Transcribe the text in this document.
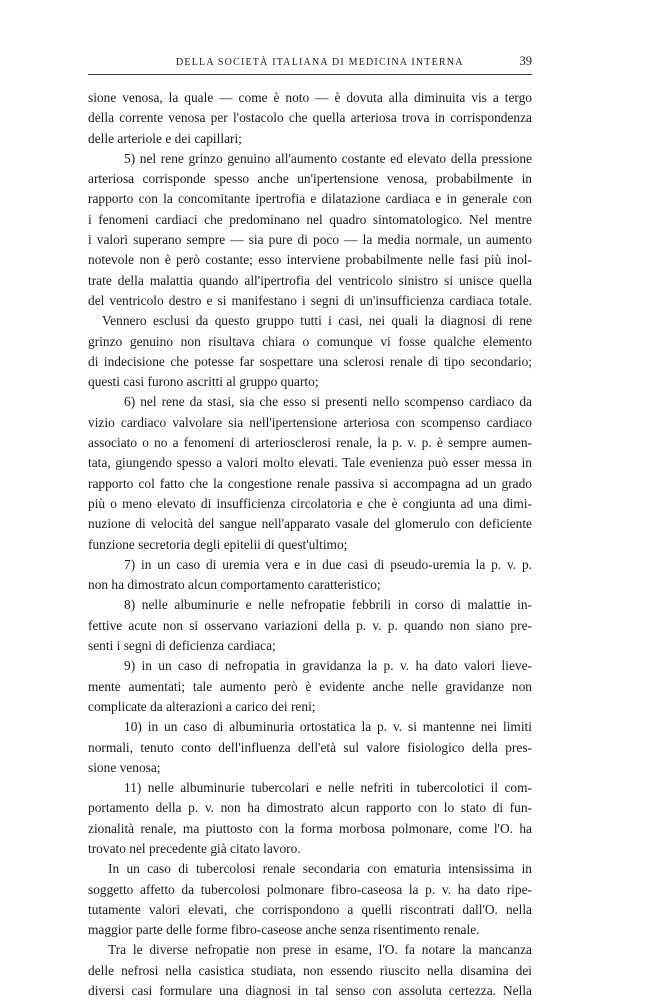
DELLA SOCIETÀ ITALIANA DI MEDICINA INTERNA	39
sione venosa, la quale — come è noto — è dovuta alla diminuita vis a tergo
della corrente venosa per l'ostacolo che quella arteriosa trova in corrispondenza
delle arteriole e dei capillari;
5) nel rene grinzo genuino all'aumento costante ed elevato della pressione
arteriosa corrisponde spesso anche un'ipertensione venosa, probabilmente in
rapporto con la concomitante ipertrofia e dilatazione cardiaca e in generale con
i fenomeni cardiaci che predominano nel quadro sintomatologico. Nel mentre
i valori superano sempre — sia pure di poco — la media normale, un aumento
notevole non è però costante; esso interviene probabilmente nelle fasi più inol-
trate della malattia quando all'ipertrofia del ventricolo sinistro si unisce quella
del ventricolo destro e si manifestano i segni di un'insufficienza cardiaca totale.
Vennero esclusi da questo gruppo tutti i casi, nei quali la diagnosi di rene
grinzo genuino non risultava chiara o comunque vi fosse qualche elemento
di indecisione che potesse far sospettare una sclerosi renale di tipo secondario;
questi casi furono ascritti al gruppo quarto;
6) nel rene da stasi, sia che esso si presenti nello scompenso cardiaco da
vizio cardiaco valvolare sia nell'ipertensione arteriosa con scompenso cardiaco
associato o no a fenomeni di arteriosclerosi renale, la p. v. p. è sempre aumen-
tata, giungendo spesso a valori molto elevati. Tale evenienza può esser messa in
rapporto col fatto che la congestione renale passiva si accompagna ad un grado
più o meno elevato di insufficienza circolatoria e che è congiunta ad una dimi-
nuzione di velocità del sangue nell'apparato vasale del glomerulo con deficiente
funzione secretoria degli epitelii di quest'ultimo;
7) in un caso di uremia vera e in due casi di pseudo-uremia la p. v. p.
non ha dimostrato alcun comportamento caratteristico;
8) nelle albuminurie e nelle nefropatie febbrili in corso di malattie in-
fettive acute non si osservano variazioni della p. v. p. quando non siano pre-
senti i segni di deficienza cardiaca;
9) in un caso di nefropatia in gravidanza la p. v. ha dato valori lieve-
mente aumentati; tale aumento però è evidente anche nelle gravidanze non
complicate da alterazioni a carico dei reni;
10) in un caso di albuminuria ortostatica la p. v. si mantenne nei limiti
normali, tenuto conto dell'influenza dell'età sul valore fisiologico della pres-
sione venosa;
11) nelle albuminurie tubercolari e nelle nefriti in tubercolotici il com-
portamento della p. v. non ha dimostrato alcun rapporto con lo stato di fun-
zionalità renale, ma piuttosto con la forma morbosa polmonare, come l'O. ha
trovato nel precedente già citato lavoro.
In un caso di tubercolosi renale secondaria con ematuria intensissima in
soggetto affetto da tubercolosi polmonare fibro-caseosa la p. v. ha dato ripe-
tutamente valori elevati, che corrispondono a quelli riscontrati dall'O. nella
maggior parte delle forme fibro-caseose anche senza risentimento renale.
Tra le diverse nefropatie non prese in esame, l'O. fa notare la mancanza
delle nefrosi nella casistica studiata, non essendo riuscito nella disamina dei
diversi casi formulare una diagnosi in tal senso con assoluta certezza. Nella
